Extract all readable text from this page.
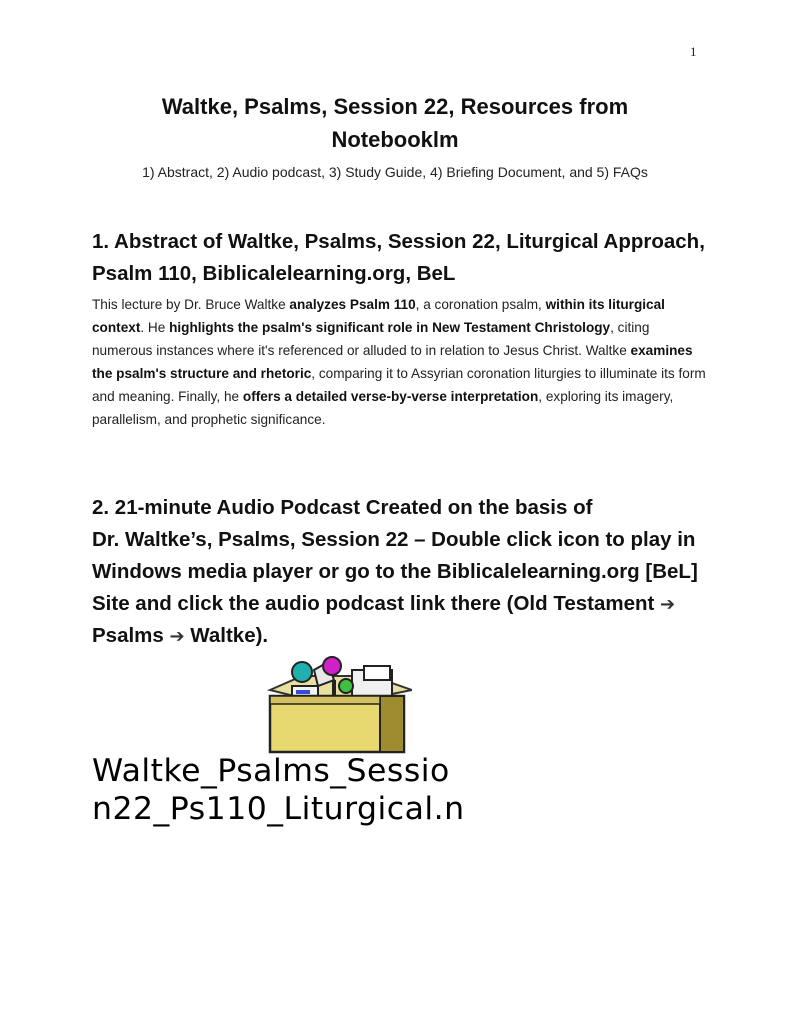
1
Waltke, Psalms, Session 22, Resources from
Notebooklm
1) Abstract, 2) Audio podcast, 3) Study Guide, 4) Briefing Document, and 5) FAQs
1. Abstract of Waltke, Psalms, Session 22, Liturgical Approach,
Psalm 110, Biblicalelearning.org, BeL
This lecture by Dr. Bruce Waltke analyzes Psalm 110, a coronation psalm, within its liturgical context. He highlights the psalm's significant role in New Testament Christology, citing numerous instances where it's referenced or alluded to in relation to Jesus Christ. Waltke examines the psalm's structure and rhetoric, comparing it to Assyrian coronation liturgies to illuminate its form and meaning. Finally, he offers a detailed verse-by-verse interpretation, exploring its imagery, parallelism, and prophetic significance.
2. 21-minute Audio Podcast Created on the basis of
Dr. Waltke’s, Psalms, Session 22 – Double click icon to play in
Windows media player or go to the Biblicalelearning.org [BeL]
Site and click the audio podcast link there (Old Testament ➔
Psalms ➔ Waltke).
Waltke_Psalms_Sessio
n22_Ps110_Liturgical.n
